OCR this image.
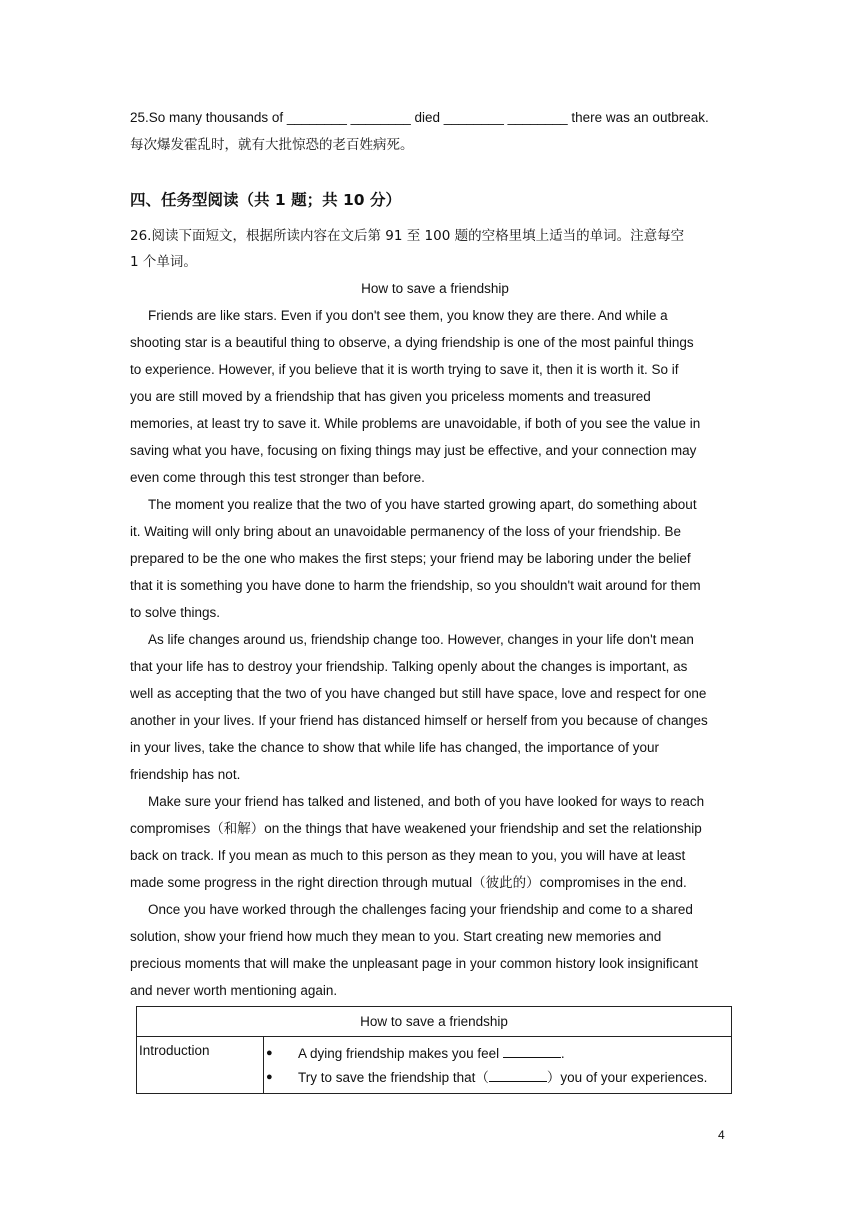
25.So many thousands of ________ ________ died ________ ________ there was an outbreak.
每次爆发霍乱时，就有大批惊恐的老百姓病死。
四、任务型阅读（共 1 题；共 10 分）
26.阅读下面短文，根据所读内容在文后第 91 至 100 题的空格里填上适当的单词。注意每空
1 个单词。
How to save a friendship
Friends are like stars. Even if you don't see them, you know they are there. And while a
shooting star is a beautiful thing to observe, a dying friendship is one of the most painful things
to experience. However, if you believe that it is worth trying to save it, then it is worth it. So if
you are still moved by a friendship that has given you priceless moments and treasured
memories, at least try to save it. While problems are unavoidable, if both of you see the value in
saving what you have, focusing on fixing things may just be effective, and your connection may
even come through this test stronger than before.
The moment you realize that the two of you have started growing apart, do something about
it. Waiting will only bring about an unavoidable permanency of the loss of your friendship. Be
prepared to be the one who makes the first steps; your friend may be laboring under the belief
that it is something you have done to harm the friendship, so you shouldn't wait around for them
to solve things.
As life changes around us, friendship change too. However, changes in your life don't mean
that your life has to destroy your friendship. Talking openly about the changes is important, as
well as accepting that the two of you have changed but still have space, love and respect for one
another in your lives. If your friend has distanced himself or herself from you because of changes
in your lives, take the chance to show that while life has changed, the importance of your
friendship has not.
Make sure your friend has talked and listened, and both of you have looked for ways to reach
compromises（和解）on the things that have weakened your friendship and set the relationship
back on track. If you mean as much to this person as they mean to you, you will have at least
made some progress in the right direction through mutual（彼此的）compromises in the end.
Once you have worked through the challenges facing your friendship and come to a shared
solution, show your friend how much they mean to you. Start creating new memories and
precious moments that will make the unpleasant page in your common history look insignificant
and never worth mentioning again.
How to save a friendship
Introduction	●	A dying friendship makes you feel	.
●	Try to save the friendship that（	）you of your experiences.
4
